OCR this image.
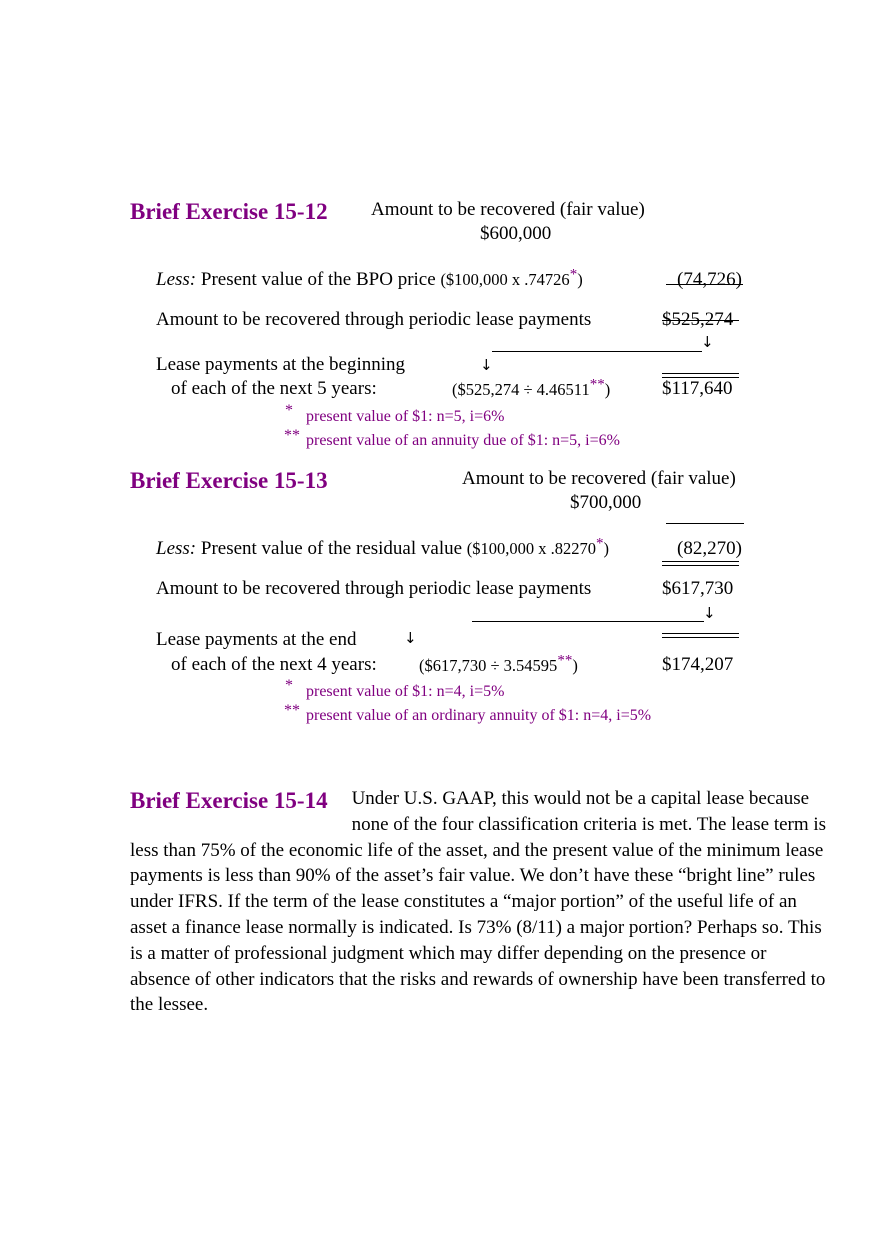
Brief Exercise 15-12 Amount to be recovered (fair value)
$600,000
Less: Present value of the BPO price ($100,000 x .74726*)	(74,726)
Amount to be recovered through periodic lease payments	$525,274
↓
↓
Lease payments at the beginning
of each of the next 5 years:	($525,274 ÷ 4.46511**)	$117,640
* present value of $1: n=5, i=6%
** present value of an annuity due of $1: n=5, i=6%
Brief Exercise 15-13	Amount to be recovered (fair value)
$700,000
Less: Present value of the residual value ($100,000 x .82270*)	(82,270)
Amount to be recovered through periodic lease payments	$617,730
↓
↓
Lease payments at the end
of each of the next 4 years:	($617,730 ÷ 3.54595**)	$174,207
* present value of $1: n=4, i=5%
** present value of an ordinary annuity of $1: n=4, i=5%
Brief Exercise 15-14 Under U.S. GAAP, this would not be a capital lease because none of the four classification criteria is met. The lease term is less than 75% of the economic life of the asset, and the present value of the minimum lease payments is less than 90% of the asset’s fair value. We don’t have these “bright line” rules under IFRS. If the term of the lease constitutes a “major portion” of the useful life of an asset a finance lease normally is indicated. Is 73% (8/11) a major portion? Perhaps so. This is a matter of professional judgment which may differ depending on the presence or absence of other indicators that the risks and rewards of ownership have been transferred to the lessee.
